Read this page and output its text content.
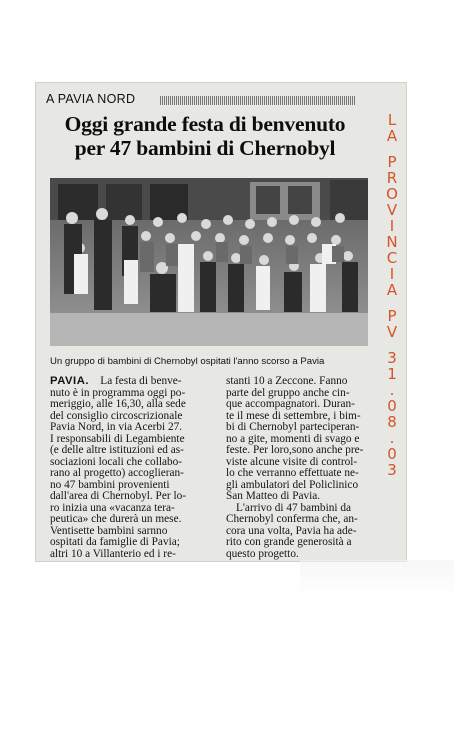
A PAVIA NORD
Oggi grande festa di benvenuto
per 47 bambini di Chernobyl
Un gruppo di bambini di Chernobyl ospitati l'anno scorso a Pavia

PAVIA. La festa di benve-

nuto è in programma oggi po-

meriggio, alle 16,30, alla sede

del consiglio circoscrizionale

Pavia Nord, in via Acerbi 27.

I responsabili di Legambiente

(e delle altre istituzioni ed as-

sociazioni locali che collabo-

rano al progetto) accoglieran-

no 47 bambini provenienti

dall'area di Chernobyl. Per lo-

ro inizia una «vacanza tera-

peutica» che durerà un mese.

Ventisette bambini sarnno

ospitati da famiglie di Pavia;

altri 10 a Villanterio ed i re-

stanti 10 a Zeccone. Fanno

parte del gruppo anche cin-

que accompagnatori. Duran-

te il mese di settembre, i bim-

bi di Chernobyl parteciperan-

no a gite, momenti di svago e

feste. Per loro,sono anche pre-

viste alcune visite di control-

lo che verranno effettuate ne-

gli ambulatori del Policlinico

San Matteo di Pavia.

L'arrivo di 47 bambini da

Chernobyl conferma che, an-

cora una volta, Pavia ha ade-

rito con grande generosità a

questo progetto.

L
A

P
R
O
V
I
N
C
I
A

P
V

3
1
.
0
8
.
0
3
